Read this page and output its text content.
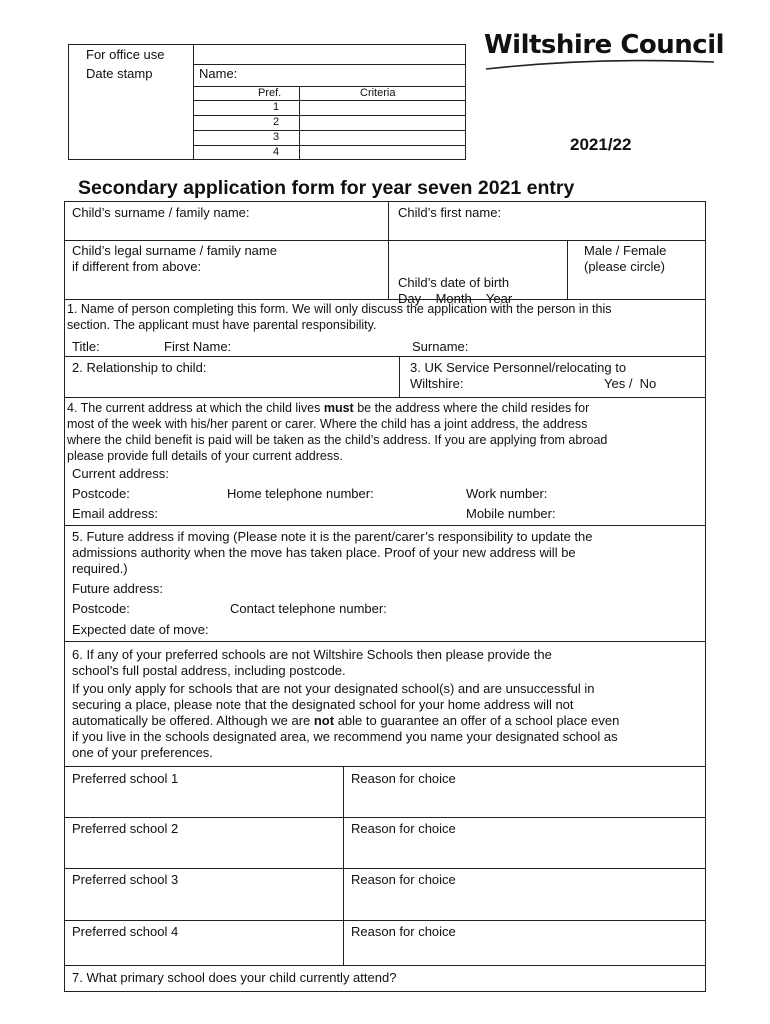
For office use
Date stamp	Name:
Pref.	Criteria
1
2
3
4
Wiltshire Council
2021/22
Secondary application form for year seven 2021 entry
Child’s surname / family name:	Child’s first name:
Child’s legal surname / family name
if different from above:

Child’s date of birth
Day    Month    Year

Male / Female
(please circle)
1. Name of person completing this form. We will only discuss the application with the person in this
section. The applicant must have parental responsibility.
Title:	First Name:	Surname:
2. Relationship to child:	3. UK Service Personnel/relocating to
Wiltshire:	Yes /  No
4. The current address at which the child lives must be the address where the child resides for
most of the week with his/her parent or carer. Where the child has a joint address, the address
where the child benefit is paid will be taken as the child’s address. If you are applying from abroad
please provide full details of your current address.
Current address:
Postcode:	Home telephone number:	Work number:
Email address:	Mobile number:
5. Future address if moving (Please note it is the parent/carer’s responsibility to update the
admissions authority when the move has taken place. Proof of your new address will be
required.)
Future address:
Postcode:	Contact telephone number:
Expected date of move:
6. If any of your preferred schools are not Wiltshire Schools then please provide the
school’s full postal address, including postcode.
If you only apply for schools that are not your designated school(s) and are unsuccessful in
securing a place, please note that the designated school for your home address will not
automatically be offered. Although we are not able to guarantee an offer of a school place even
if you live in the schools designated area, we recommend you name your designated school as
one of your preferences.
Preferred school 1	Reason for choice
Preferred school 2	Reason for choice
Preferred school 3	Reason for choice
Preferred school 4	Reason for choice
7. What primary school does your child currently attend?
